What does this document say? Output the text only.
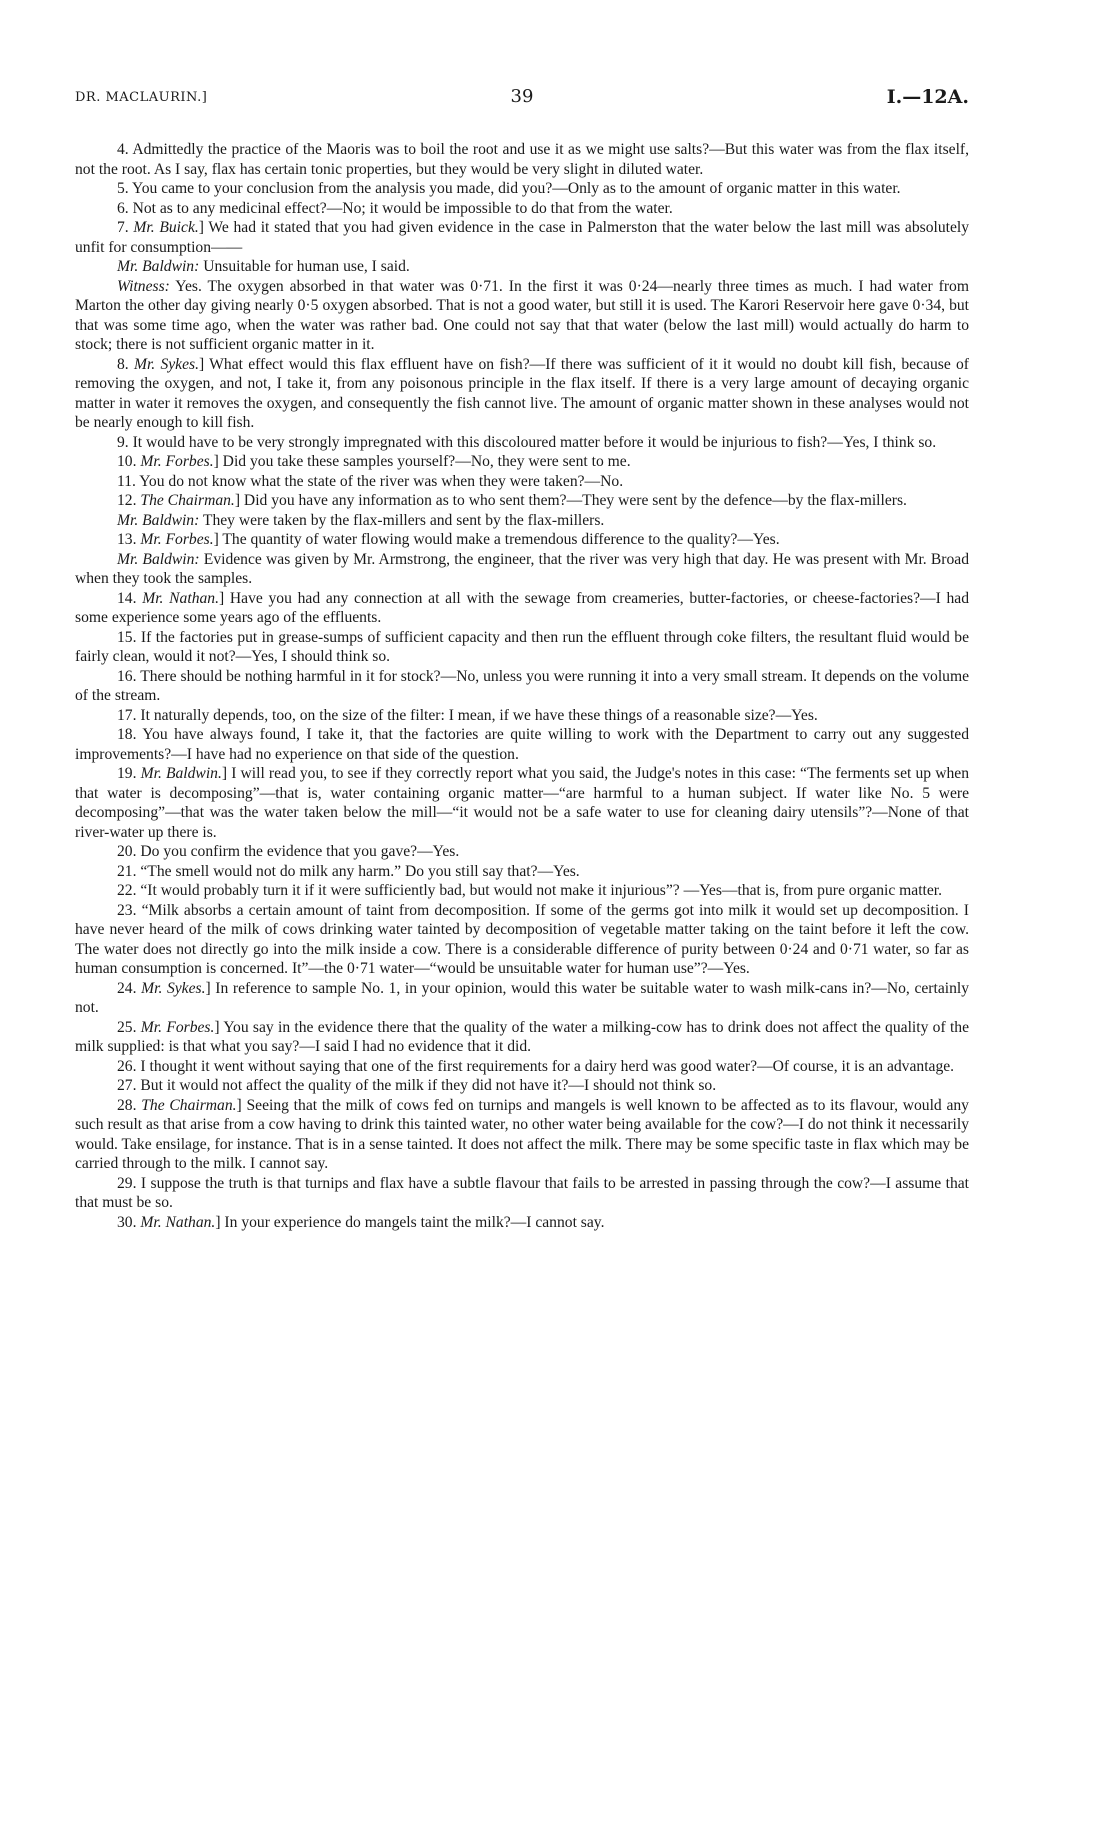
DR. MACLAURIN.]	39	I.—12A.

4. Admittedly the practice of the Maoris was to boil the root and use it as we might use salts?—But this water was from the flax itself, not the root. As I say, flax has certain tonic properties, but they would be very slight in diluted water.

5. You came to your conclusion from the analysis you made, did you?—Only as to the amount of organic matter in this water.

6. Not as to any medicinal effect?—No; it would be impossible to do that from the water.

7. Mr. Buick.] We had it stated that you had given evidence in the case in Palmerston that the water below the last mill was absolutely unfit for consumption——

Mr. Baldwin: Unsuitable for human use, I said.

Witness: Yes. The oxygen absorbed in that water was 0·71. In the first it was 0·24—nearly three times as much. I had water from Marton the other day giving nearly 0·5 oxygen absorbed. That is not a good water, but still it is used. The Karori Reservoir here gave 0·34, but that was some time ago, when the water was rather bad. One could not say that that water (below the last mill) would actually do harm to stock; there is not sufficient organic matter in it.

8. Mr. Sykes.] What effect would this flax effluent have on fish?—If there was sufficient of it it would no doubt kill fish, because of removing the oxygen, and not, I take it, from any poisonous principle in the flax itself. If there is a very large amount of decaying organic matter in water it removes the oxygen, and consequently the fish cannot live. The amount of organic matter shown in these analyses would not be nearly enough to kill fish.

9. It would have to be very strongly impregnated with this discoloured matter before it would be injurious to fish?—Yes, I think so.

10. Mr. Forbes.] Did you take these samples yourself?—No, they were sent to me.

11. You do not know what the state of the river was when they were taken?—No.

12. The Chairman.] Did you have any information as to who sent them?—They were sent by the defence—by the flax-millers.

Mr. Baldwin: They were taken by the flax-millers and sent by the flax-millers.

13. Mr. Forbes.] The quantity of water flowing would make a tremendous difference to the quality?—Yes.

Mr. Baldwin: Evidence was given by Mr. Armstrong, the engineer, that the river was very high that day. He was present with Mr. Broad when they took the samples.

14. Mr. Nathan.] Have you had any connection at all with the sewage from creameries, butter-factories, or cheese-factories?—I had some experience some years ago of the effluents.

15. If the factories put in grease-sumps of sufficient capacity and then run the effluent through coke filters, the resultant fluid would be fairly clean, would it not?—Yes, I should think so.

16. There should be nothing harmful in it for stock?—No, unless you were running it into a very small stream. It depends on the volume of the stream.

17. It naturally depends, too, on the size of the filter: I mean, if we have these things of a reasonable size?—Yes.

18. You have always found, I take it, that the factories are quite willing to work with the Department to carry out any suggested improvements?—I have had no experience on that side of the question.

19. Mr. Baldwin.] I will read you, to see if they correctly report what you said, the Judge's notes in this case: “The ferments set up when that water is decomposing”—that is, water containing organic matter—“are harmful to a human subject. If water like No. 5 were decomposing”—that was the water taken below the mill—“it would not be a safe water to use for cleaning dairy utensils”?—None of that river-water up there is.

20. Do you confirm the evidence that you gave?—Yes.

21. “The smell would not do milk any harm.” Do you still say that?—Yes.

22. “It would probably turn it if it were sufficiently bad, but would not make it injurious”? —Yes—that is, from pure organic matter.

23. “Milk absorbs a certain amount of taint from decomposition. If some of the germs got into milk it would set up decomposition. I have never heard of the milk of cows drinking water tainted by decomposition of vegetable matter taking on the taint before it left the cow. The water does not directly go into the milk inside a cow. There is a considerable difference of purity between 0·24 and 0·71 water, so far as human consumption is concerned. It”—the 0·71 water—“would be unsuitable water for human use”?—Yes.

24. Mr. Sykes.] In reference to sample No. 1, in your opinion, would this water be suitable water to wash milk-cans in?—No, certainly not.

25. Mr. Forbes.] You say in the evidence there that the quality of the water a milking-cow has to drink does not affect the quality of the milk supplied: is that what you say?—I said I had no evidence that it did.

26. I thought it went without saying that one of the first requirements for a dairy herd was good water?—Of course, it is an advantage.

27. But it would not affect the quality of the milk if they did not have it?—I should not think so.

28. The Chairman.] Seeing that the milk of cows fed on turnips and mangels is well known to be affected as to its flavour, would any such result as that arise from a cow having to drink this tainted water, no other water being available for the cow?—I do not think it necessarily would. Take ensilage, for instance. That is in a sense tainted. It does not affect the milk. There may be some specific taste in flax which may be carried through to the milk. I cannot say.

29. I suppose the truth is that turnips and flax have a subtle flavour that fails to be arrested in passing through the cow?—I assume that that must be so.

30. Mr. Nathan.] In your experience do mangels taint the milk?—I cannot say.
